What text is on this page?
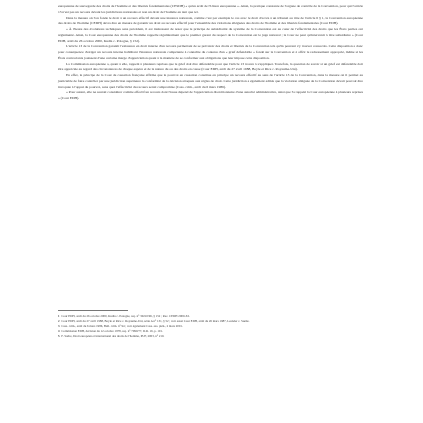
européenne de sauvegarde des droits de l'homme et des libertés fondamentales (CESDH) « qu'un arrêt de l'Union européenne ». Ainsi, la pratique constante de l'organe de contrôle de la Convention, pour qui l'article 13 n'est pas un recours devant les juridictions nationales et non un droit de l'homme en tant que tel.

Dans la mesure où l'on fonde le droit à un recours effectif devant une instance nationale, comme c'est par exemple le cas avec le droit d'accès à un tribunal au titre de l'article 6 § 1, la Convention européenne des droits de l'homme (CEDH) devra être en mesure de garantir un droit au recours effectif pour l'ensemble des violations alléguées des droits de l'homme et des libertés fondamentales (Cour EDH).

« À l'heure des évolutions techniques sans précédent, il est intéressant de noter que le principe de subsidiarité du système de la Convention est au cœur de l'effectivité des droits que les États parties ont réglementé. Ainsi, la Cour européenne des droits de l'homme rappelle régulièrement que le premier garant du respect de la Convention est le juge national ; la Cour ne peut qu'intervenir à titre subsidiaire » (Cour EDH, arrêt du 26 octobre 2000, Kudła c. Pologne, § 152).

L'article 13 de la Convention garantit l'existence en droit interne d'un recours permettant de se prévaloir des droits et libertés de la Convention tels qu'ils peuvent s'y trouver consacrés. Cette disposition a donc pour conséquence d'exiger un recours interne habilitant l'instance nationale compétente à connaître du contenu d'un « grief défendable » fondé sur la Convention et à offrir le redressement approprié, même si les États contractants jouissent d'une certaine marge d'appréciation quant à la manière de se conformer aux obligations que leur impose cette disposition.

La Commission européenne a, quant à elle, rappelé à plusieurs reprises que le grief doit être défendable pour que l'article 13 trouve à s'appliquer. Toutefois, la question de savoir si un grief est défendable doit être appréciée au regard des circonstances de chaque espèce et de la nature du ou des droits en cause (Cour EDH, arrêt du 27 avril 1988, Boyle et Rice c. Royaume-Uni).

En effet, le principe de la Cour de cassation française affirme que le pourvoi en cassation constitue en principe un recours effectif au sens de l'article 13 de la Convention, dans la mesure où il permet au justiciable de faire contrôler par une juridiction supérieure la conformité de la décision attaquée aux règles de droit. Cette juridiction a également admis que la violation alléguée de la Convention devait pouvoir être invoquée à l'appui du pourvoi, sans quoi l'effectivité du recours serait compromise (Cass. crim., arrêt du 6 mars 1986).

« Pour autant, elle ne saurait considérer comme effectif un recours dont l'issue dépend de l'appréciation discrétionnaire d'une autorité administrative, ainsi que l'a rappelé la Cour européenne à plusieurs reprises » (Cour EDH).

1 Cour EDH, arrêt du 26 octobre 2000, Kudła c. Pologne, req. n° 30210/96, § 152 ; Rec. CEDH 2000-XI.

2 Cour EDH, arrêt du 27 avril 1988, Boyle et Rice c. Royaume-Uni, série A n° 131, § 52 ; voir aussi Cour EDH, arrêt du 26 mars 1987, Leander c. Suède.

3 Cass. crim., arrêt du 6 mars 1986, Bull. crim. n° 94 ; voir également Cass. ass. plén., 2 mars 2001.

4 Commission EDH, décision du 12 octobre 1978, req. n° 7990/77, D.R. 16, p. 101.

5 F. Sudre, Droit européen et international des droits de l'homme, PUF, 2003, n° 210.
